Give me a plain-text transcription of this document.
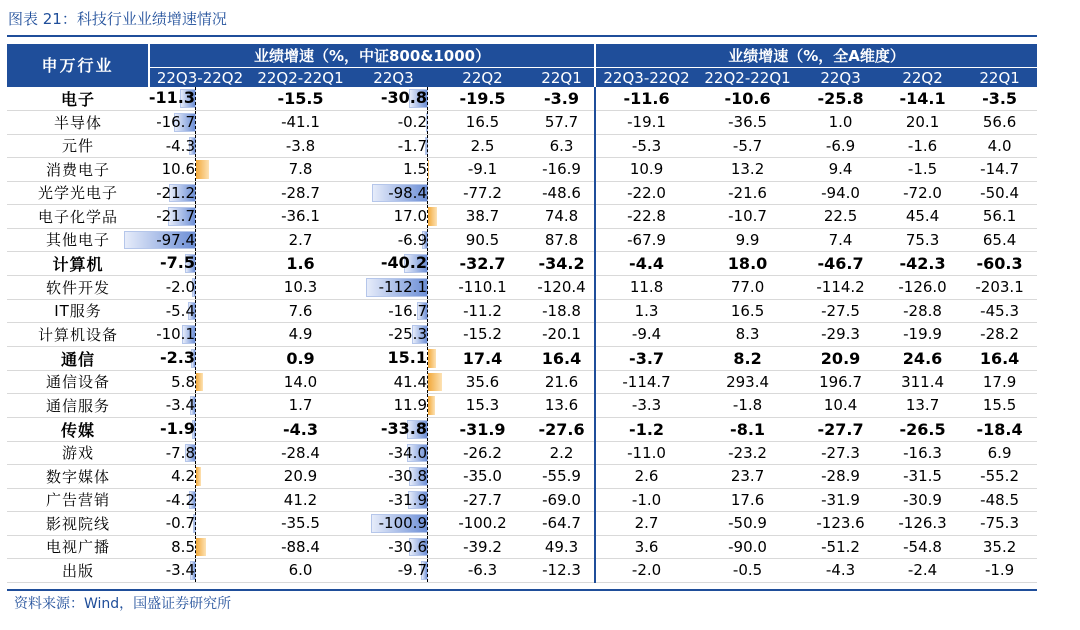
图表 21：科技行业业绩增速情况
申万行业	业绩增速（%，中证800&1000）					业绩增速（%，全A维度）				
	22Q3-22Q2	22Q2-22Q1	22Q3	22Q2	22Q1	22Q3-22Q2	22Q2-22Q1	22Q3	22Q2	22Q1
电子	-11.3	-15.5	-30.8	-19.5	-3.9	-11.6	-10.6	-25.8	-14.1	-3.5
半导体	-16.7	-41.1	-0.2	16.5	57.7	-19.1	-36.5	1.0	20.1	56.6
元件	-4.3	-3.8	-1.7	2.5	6.3	-5.3	-5.7	-6.9	-1.6	4.0
消费电子	10.6	7.8	1.5	-9.1	-16.9	10.9	13.2	9.4	-1.5	-14.7
光学光电子	-21.2	-28.7	-98.4	-77.2	-48.6	-22.0	-21.6	-94.0	-72.0	-50.4
电子化学品	-21.7	-36.1	17.0	38.7	74.8	-22.8	-10.7	22.5	45.4	56.1
其他电子	-97.4	2.7	-6.9	90.5	87.8	-67.9	9.9	7.4	75.3	65.4
计算机	-7.5	1.6	-40.2	-32.7	-34.2	-4.4	18.0	-46.7	-42.3	-60.3
软件开发	-2.0	10.3	-112.1	-110.1	-120.4	11.8	77.0	-114.2	-126.0	-203.1
IT服务	-5.4	7.6	-16.7	-11.2	-18.8	1.3	16.5	-27.5	-28.8	-45.3
计算机设备	-10.1	4.9	-25.3	-15.2	-20.1	-9.4	8.3	-29.3	-19.9	-28.2
通信	-2.3	0.9	15.1	17.4	16.4	-3.7	8.2	20.9	24.6	16.4
通信设备	5.8	14.0	41.4	35.6	21.6	-114.7	293.4	196.7	311.4	17.9
通信服务	-3.4	1.7	11.9	15.3	13.6	-3.3	-1.8	10.4	13.7	15.5
传媒	-1.9	-4.3	-33.8	-31.9	-27.6	-1.2	-8.1	-27.7	-26.5	-18.4
游戏	-7.8	-28.4	-34.0	-26.2	2.2	-11.0	-23.2	-27.3	-16.3	6.9
数字媒体	4.2	20.9	-30.8	-35.0	-55.9	2.6	23.7	-28.9	-31.5	-55.2
广告营销	-4.2	41.2	-31.9	-27.7	-69.0	-1.0	17.6	-31.9	-30.9	-48.5
影视院线	-0.7	-35.5	-100.9	-100.2	-64.7	2.7	-50.9	-123.6	-126.3	-75.3
电视广播	8.5	-88.4	-30.6	-39.2	49.3	3.6	-90.0	-51.2	-54.8	35.2
出版	-3.4	6.0	-9.7	-6.3	-12.3	-2.0	-0.5	-4.3	-2.4	-1.9
资料来源：Wind，国盛证券研究所
